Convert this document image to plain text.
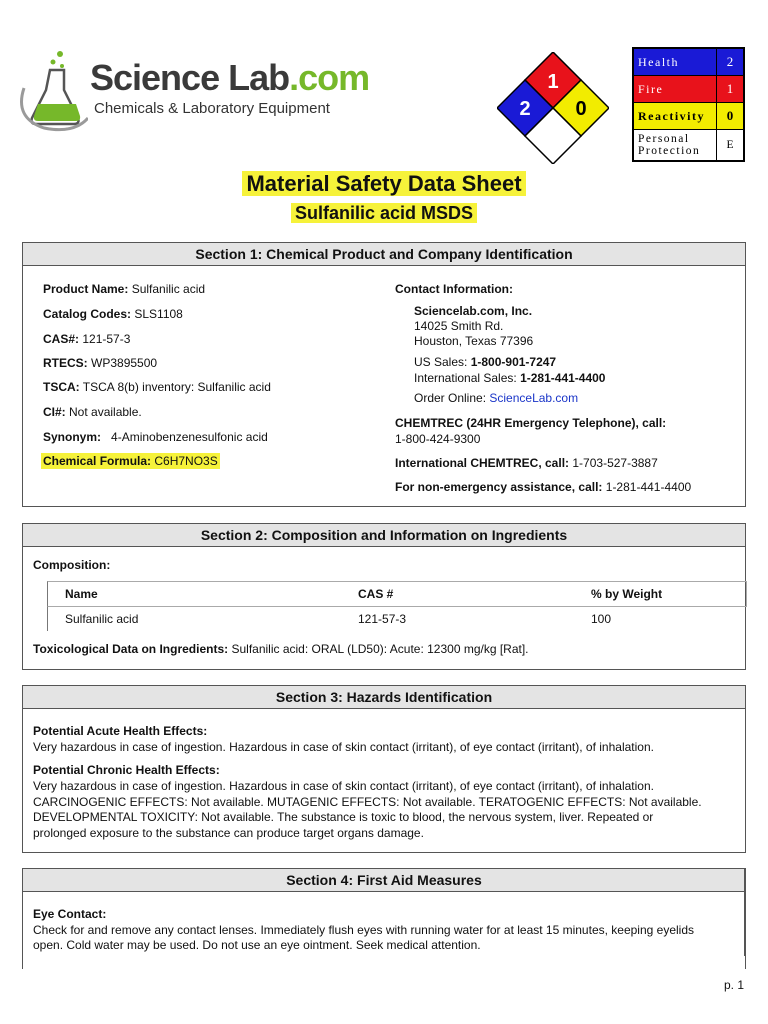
Science Lab.com
Chemicals & Laboratory Equipment
1
2 0
Health	2
Fire	1
Reactivity	0
Personal Protection	E
Material Safety Data Sheet
Sulfanilic acid MSDS
Section 1: Chemical Product and Company Identification
Product Name: Sulfanilic acid
Catalog Codes: SLS1108
CAS#: 121-57-3
RTECS: WP3895500
TSCA: TSCA 8(b) inventory: Sulfanilic acid
CI#: Not available.
Synonym: 4-Aminobenzenesulfonic acid
Chemical Formula: C6H7NO3S
Contact Information:
Sciencelab.com, Inc.
14025 Smith Rd.
Houston, Texas 77396
US Sales: 1-800-901-7247
International Sales: 1-281-441-4400
Order Online: ScienceLab.com
CHEMTREC (24HR Emergency Telephone), call:
1-800-424-9300
International CHEMTREC, call: 1-703-527-3887
For non-emergency assistance, call: 1-281-441-4400
Section 2: Composition and Information on Ingredients
Composition:
Name	CAS #	% by Weight
Sulfanilic acid	121-57-3	100
Toxicological Data on Ingredients: Sulfanilic acid: ORAL (LD50): Acute: 12300 mg/kg [Rat].
Section 3: Hazards Identification
Potential Acute Health Effects:
Very hazardous in case of ingestion. Hazardous in case of skin contact (irritant), of eye contact (irritant), of inhalation.
Potential Chronic Health Effects:
Very hazardous in case of ingestion. Hazardous in case of skin contact (irritant), of eye contact (irritant), of inhalation.
CARCINOGENIC EFFECTS: Not available. MUTAGENIC EFFECTS: Not available. TERATOGENIC EFFECTS: Not available.
DEVELOPMENTAL TOXICITY: Not available. The substance is toxic to blood, the nervous system, liver. Repeated or
prolonged exposure to the substance can produce target organs damage.
Section 4: First Aid Measures
Eye Contact:
Check for and remove any contact lenses. Immediately flush eyes with running water for at least 15 minutes, keeping eyelids
open. Cold water may be used. Do not use an eye ointment. Seek medical attention.
p. 1
